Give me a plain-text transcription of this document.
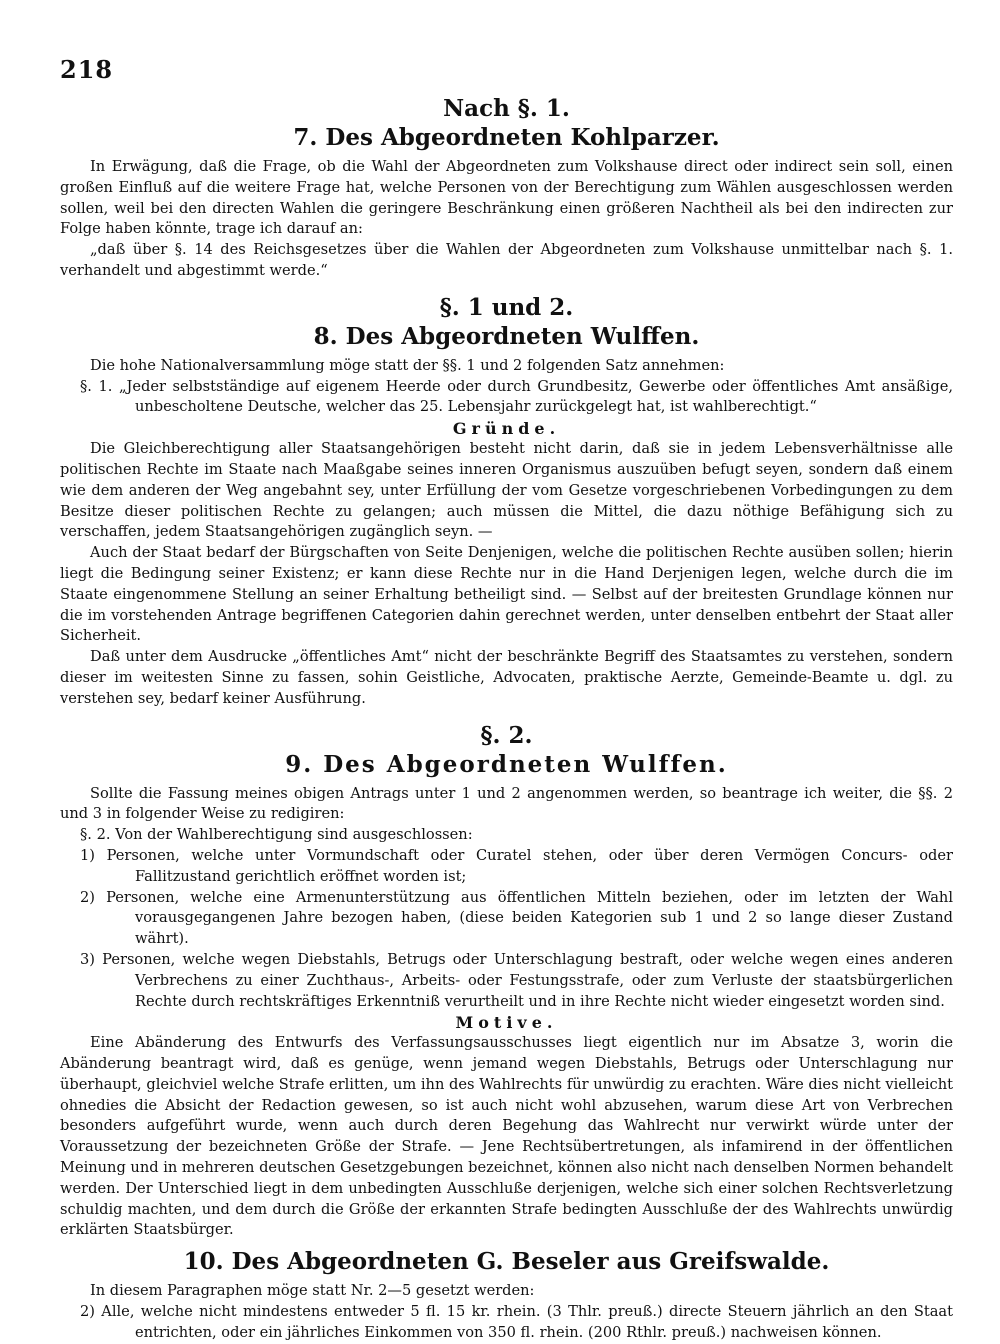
218
Nach §. 1.
7. Des Abgeordneten Kohlparzer.

In Erwägung, daß die Frage, ob die Wahl der Abgeordneten zum Volkshause direct oder indirect sein soll, einen großen Einfluß auf die weitere Frage hat, welche Personen von der Berechtigung zum Wählen ausgeschlossen werden sollen, weil bei den directen Wahlen die geringere Beschränkung einen größeren Nachtheil als bei den indirecten zur Folge haben könnte, trage ich darauf an:

„daß über §. 14 des Reichsgesetzes über die Wahlen der Abgeordneten zum Volkshause unmittelbar nach §. 1. verhandelt und abgestimmt werde.“

§. 1 und 2.
8. Des Abgeordneten Wulffen.

Die hohe Nationalversammlung möge statt der §§. 1 und 2 folgenden Satz annehmen:

§. 1. „Jeder selbstständige auf eigenem Heerde oder durch Grundbesitz, Gewerbe oder öffentliches Amt ansäßige, unbescholtene Deutsche, welcher das 25. Lebensjahr zurückgelegt hat, ist wahlberechtigt.“

Gründe.

Die Gleichberechtigung aller Staatsangehörigen besteht nicht darin, daß sie in jedem Lebensverhältnisse alle politischen Rechte im Staate nach Maaßgabe seines inneren Organismus auszuüben befugt seyen, sondern daß einem wie dem anderen der Weg angebahnt sey, unter Erfüllung der vom Gesetze vorgeschriebenen Vorbedingungen zu dem Besitze dieser politischen Rechte zu gelangen; auch müssen die Mittel, die dazu nöthige Befähigung sich zu verschaffen, jedem Staatsangehörigen zugänglich seyn. —

Auch der Staat bedarf der Bürgschaften von Seite Denjenigen, welche die politischen Rechte ausüben sollen; hierin liegt die Bedingung seiner Existenz; er kann diese Rechte nur in die Hand Derjenigen legen, welche durch die im Staate eingenommene Stellung an seiner Erhaltung betheiligt sind. — Selbst auf der breitesten Grundlage können nur die im vorstehenden Antrage begriffenen Categorien dahin gerechnet werden, unter denselben entbehrt der Staat aller Sicherheit.

Daß unter dem Ausdrucke „öffentliches Amt“ nicht der beschränkte Begriff des Staatsamtes zu verstehen, sondern dieser im weitesten Sinne zu fassen, sohin Geistliche, Advocaten, praktische Aerzte, Gemeinde-Beamte u. dgl. zu verstehen sey, bedarf keiner Ausführung.

§. 2.
9. Des Abgeordneten Wulffen.

Sollte die Fassung meines obigen Antrags unter 1 und 2 angenommen werden, so beantrage ich weiter, die §§. 2 und 3 in folgender Weise zu redigiren:

§. 2. Von der Wahlberechtigung sind ausgeschlossen:

1) Personen, welche unter Vormundschaft oder Curatel stehen, oder über deren Vermögen Concurs- oder Fallitzustand gerichtlich eröffnet worden ist;

2) Personen, welche eine Armenunterstützung aus öffentlichen Mitteln beziehen, oder im letzten der Wahl vorausgegangenen Jahre bezogen haben, (diese beiden Kategorien sub 1 und 2 so lange dieser Zustand währt).

3) Personen, welche wegen Diebstahls, Betrugs oder Unterschlagung bestraft, oder welche wegen eines anderen Verbrechens zu einer Zuchthaus-, Arbeits- oder Festungsstrafe, oder zum Verluste der staatsbürgerlichen Rechte durch rechtskräftiges Erkenntniß verurtheilt und in ihre Rechte nicht wieder eingesetzt worden sind.

Motive.

Eine Abänderung des Entwurfs des Verfassungsausschusses liegt eigentlich nur im Absatze 3, worin die Abänderung beantragt wird, daß es genüge, wenn jemand wegen Diebstahls, Betrugs oder Unterschlagung nur überhaupt, gleichviel welche Strafe erlitten, um ihn des Wahlrechts für unwürdig zu erachten. Wäre dies nicht vielleicht ohnedies die Absicht der Redaction gewesen, so ist auch nicht wohl abzusehen, warum diese Art von Verbrechen besonders aufgeführt wurde, wenn auch durch deren Begehung das Wahlrecht nur verwirkt würde unter der Voraussetzung der bezeichneten Größe der Strafe. — Jene Rechtsübertretungen, als infamirend in der öffentlichen Meinung und in mehreren deutschen Gesetzgebungen bezeichnet, können also nicht nach denselben Normen behandelt werden. Der Unterschied liegt in dem unbedingten Ausschluße derjenigen, welche sich einer solchen Rechtsverletzung schuldig machten, und dem durch die Größe der erkannten Strafe bedingten Ausschluße der des Wahlrechts unwürdig erklärten Staatsbürger.

10. Des Abgeordneten G. Beseler aus Greifswalde.

In diesem Paragraphen möge statt Nr. 2—5 gesetzt werden:

2) Alle, welche nicht mindestens entweder 5 fl. 15 kr. rhein. (3 Thlr. preuß.) directe Steuern jährlich an den Staat entrichten, oder ein jährliches Einkommen von 350 fl. rhein. (200 Rthlr. preuß.) nachweisen können.
